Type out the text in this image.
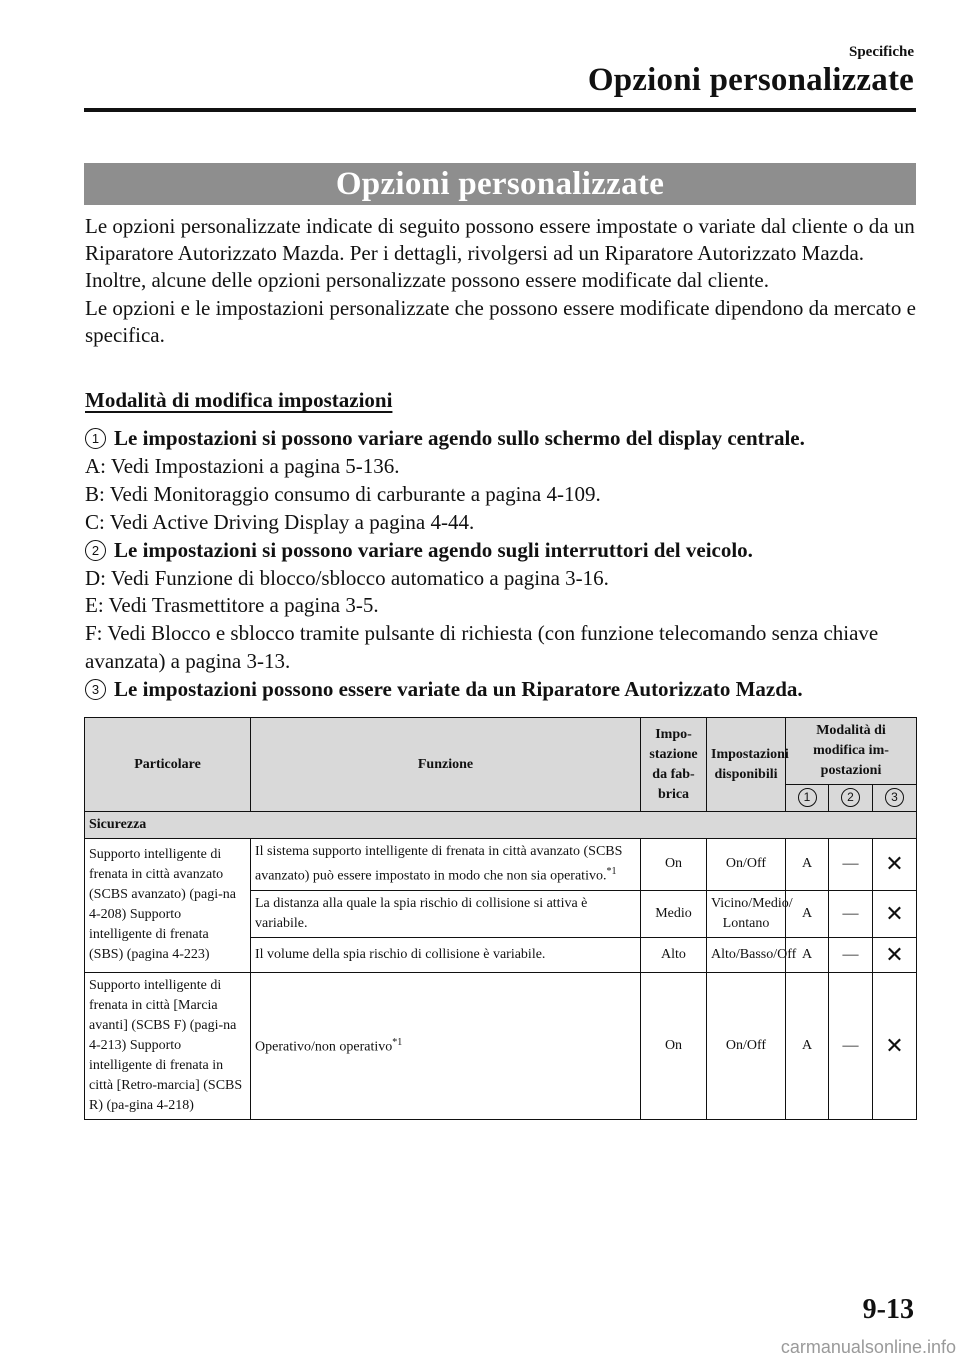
Specifiche
Opzioni personalizzate
Opzioni personalizzate

Le opzioni personalizzate indicate di seguito possono essere impostate o variate dal cliente o da un Riparatore Autorizzato Mazda. Per i dettagli, rivolgersi ad un Riparatore Autorizzato Mazda.

Inoltre, alcune delle opzioni personalizzate possono essere modificate dal cliente.

Le opzioni e le impostazioni personalizzate che possono essere modificate dipendono da mercato e specifica.

Modalità di modifica impostazioni

1 Le impostazioni si possono variare agendo sullo schermo del display centrale.

A: Vedi Impostazioni a pagina 5-136.

B: Vedi Monitoraggio consumo di carburante a pagina 4-109.

C: Vedi Active Driving Display a pagina 4-44.

2 Le impostazioni si possono variare agendo sugli interruttori del veicolo.

D: Vedi Funzione di blocco/sblocco automatico a pagina 3-16.

E: Vedi Trasmettitore a pagina 3-5.

F: Vedi Blocco e sblocco tramite pulsante di richiesta (con funzione telecomando senza chiave avanzata) a pagina 3-13.

3 Le impostazioni possono essere variate da un Riparatore Autorizzato Mazda.

Particolare	Funzione	Impo-stazione da fab-brica	Impostazioni disponibili	Modalità di modifica im-postazioni		
				1	2	3
Sicurezza						
Supporto intelligente di frenata in città avanzato (SCBS avanzato) (pagi-na 4-208) Supporto intelligente di frenata (SBS) (pagina 4-223)	Il sistema supporto intelligente di frenata in città avanzato (SCBS avanzato) può essere impostato in modo che non sia operativo.$^{*1}$	On	On/Off	A	—	✕
	La distanza alla quale la spia rischio di collisione si attiva è variabile.	Medio	Vicino/Medio/ Lontano	A	—	✕
	Il volume della spia rischio di collisione è variabile.	Alto	Alto/Basso/Off	A	—	✕
Supporto intelligente di frenata in città [Marcia avanti] (SCBS F) (pagi-na 4-213) Supporto intelligente di frenata in città [Retro-marcia] (SCBS R) (pa-gina 4-218)	Operativo/non operativo$^{*1}$	On	On/Off	A	—	✕
9-13
carmanualsonline.info
